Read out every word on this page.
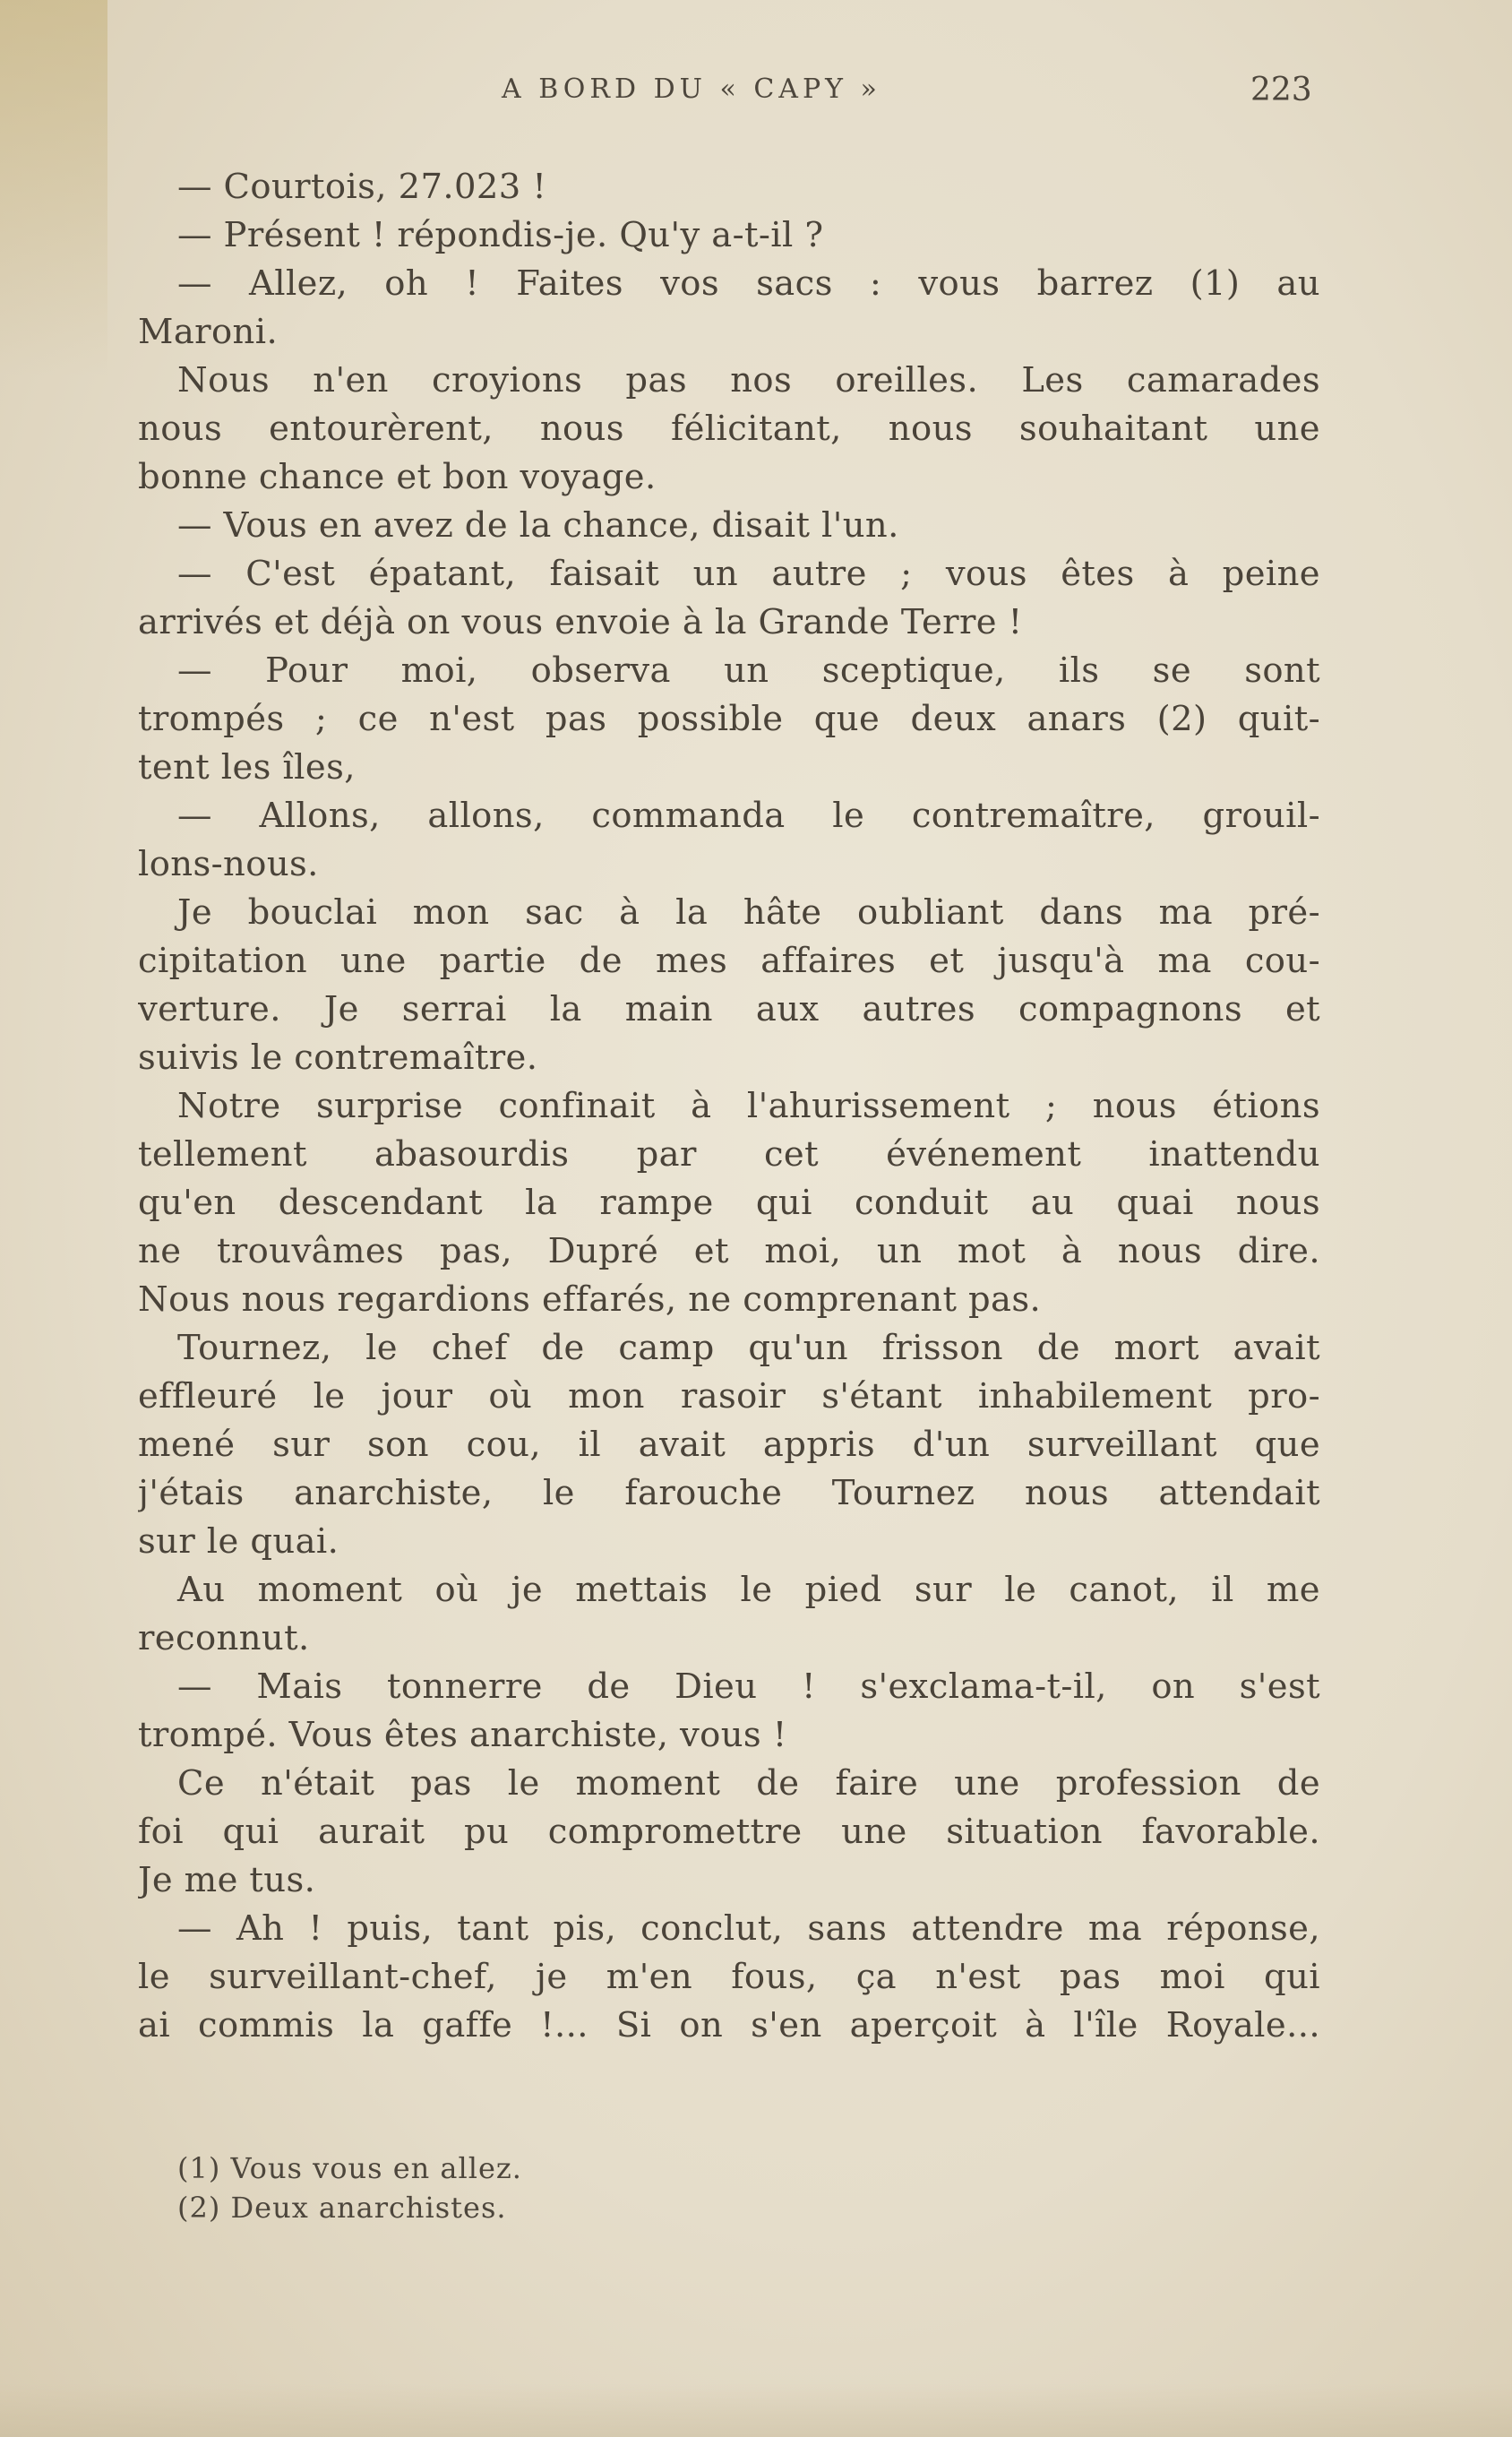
A BORD DU « CAPY »	223
— Courtois, 27.023 !
— Présent ! répondis-je. Qu'y a-t-il ?
— Allez, oh ! Faites vos sacs : vous barrez (1) au
Maroni.
Nous n'en croyions pas nos oreilles. Les camarades
nous entourèrent, nous félicitant, nous souhaitant une
bonne chance et bon voyage.
— Vous en avez de la chance, disait l'un.
— C'est épatant, faisait un autre ; vous êtes à peine
arrivés et déjà on vous envoie à la Grande Terre !
— Pour moi, observa un sceptique, ils se sont
trompés ; ce n'est pas possible que deux anars (2) quit-
tent les îles,
— Allons, allons, commanda le contremaître, grouil-
lons-nous.
Je bouclai mon sac à la hâte oubliant dans ma pré-
cipitation une partie de mes affaires et jusqu'à ma cou-
verture. Je serrai la main aux autres compagnons et
suivis le contremaître.
Notre surprise confinait à l'ahurissement ; nous étions
tellement abasourdis par cet événement inattendu
qu'en descendant la rampe qui conduit au quai nous
ne trouvâmes pas, Dupré et moi, un mot à nous dire.
Nous nous regardions effarés, ne comprenant pas.
Tournez, le chef de camp qu'un frisson de mort avait
effleuré le jour où mon rasoir s'étant inhabilement pro-
mené sur son cou, il avait appris d'un surveillant que
j'étais anarchiste, le farouche Tournez nous attendait
sur le quai.
Au moment où je mettais le pied sur le canot, il me
reconnut.
— Mais tonnerre de Dieu ! s'exclama-t-il, on s'est
trompé. Vous êtes anarchiste, vous !
Ce n'était pas le moment de faire une profession de
foi qui aurait pu compromettre une situation favorable.
Je me tus.
— Ah ! puis, tant pis, conclut, sans attendre ma réponse,
le surveillant-chef, je m'en fous, ça n'est pas moi qui
ai commis la gaffe !... Si on s'en aperçoit à l'île Royale...
(1) Vous vous en allez.
(2) Deux anarchistes.
